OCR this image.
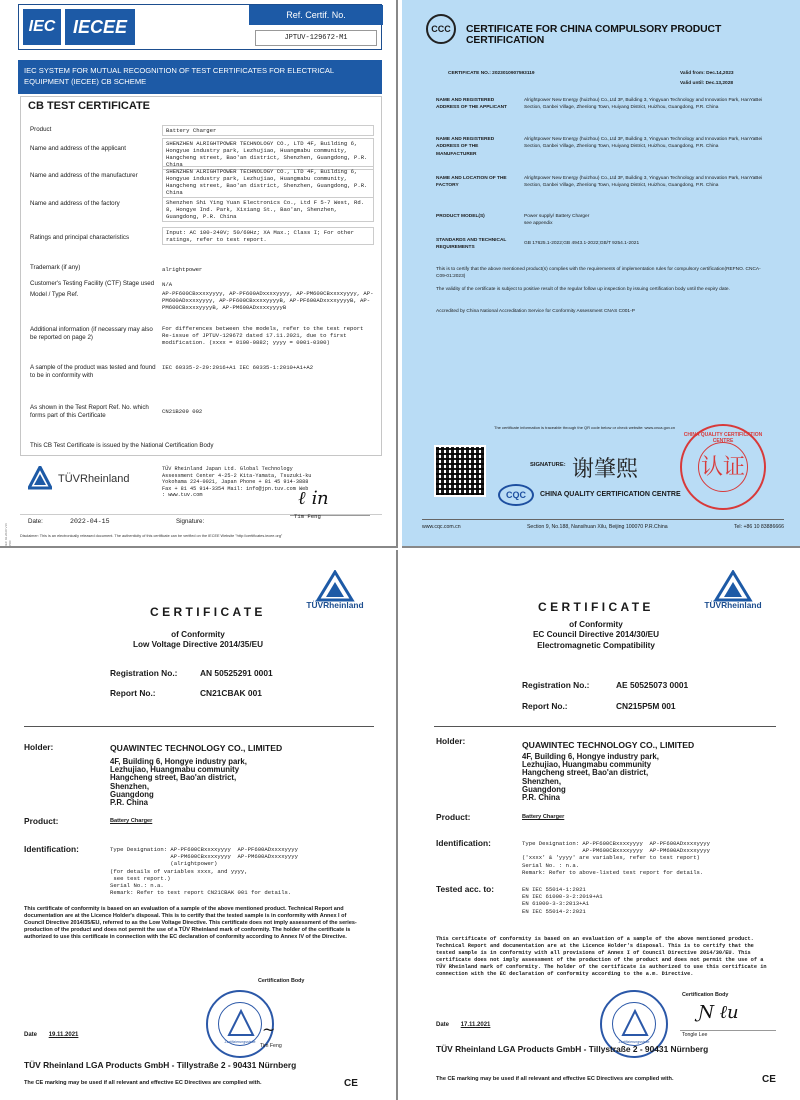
IEC IECEE
Ref. Certif. No.
JPTUV-129672-M1
IEC SYSTEM FOR MUTUAL RECOGNITION OF TEST CERTIFICATES FOR ELECTRICAL EQUIPMENT (IECEE) CB SCHEME
CB TEST CERTIFICATE
Product	Battery Charger
Name and address of the applicant
SHENZHEN ALRIGHTPOWER TECHNOLOGY CO., LTD 4F, Building 6, Hongyue industry park, Lezhujiao, Huangmabu community, Hangcheng street, Bao'an district, Shenzhen, Guangdong, P.R. China
Name and address of the manufacturer
SHENZHEN ALRIGHTPOWER TECHNOLOGY CO., LTD 4F, Building 6, Hongyue industry park, Lezhujiao, Huangmabu community, Hangcheng street, Bao'an district, Shenzhen, Guangdong, P.R. China
Name and address of the factory	Shenzhen Shi Ying Yuan Electronics Co., Ltd F 5-7 West, Rd. 8, Hongye Ind. Park, Xixiang St., Bao'an, Shenzhen, Guangdong, P.R. China
Ratings and principal characteristics
Input: AC 100-240V; 50/60Hz; XA Max.; Class I; For other ratings, refer to test report.
Trademark (if any)	alrightpower
Customer's Testing Facility (CTF) Stage used	N/A
Model / Type Ref.	AP-PF600CBxxxxyyyy, AP-PF600ADxxxxyyyy, AP-PM600CBxxxxyyyy, AP-PM600ADxxxxyyyy, AP-PF600CBxxxxyyyyB, AP-PF600ADxxxxyyyyB, AP-PM600CBxxxxyyyyB, AP-PM600ADxxxxyyyyB
Additional information (if necessary may also be reported on page 2)
For differences between the models, refer to the test report Re-issue of JPTUV-129672 dated 17.11.2021, due to first modification. (xxxx = 0100-0882; yyyy = 0001-0300)
A sample of the product was tested and found to be in conformity with
IEC 60335-2-29:2016+A1 IEC 60335-1:2010+A1+A2
As shown in the Test Report Ref. No. which forms part of this Certificate
CN21B209 002
This CB Test Certificate is issued by the National Certification Body
TÜVRheinland
TÜV Rheinland Japan Ltd. Global Technology Assessment Center 4-25-2 Kita-Yamata, Tsuzuki-ku Yokohama 224-0021, Japan Phone + 81 45 914-3888 Fax + 81 45 914-3354 Mail: info@jpn.tuv.com Web : www.tuv.com	ℓ ı̇n
Date:	2022-04-15	Signature:
Tim Feng
Disclaimer: This is an electronically released document. The authenticity of this certificate can be verified on the IECEE Website "http://certificates.iecee.org"
IEC 02.2020 V16 PDF
CCC	CERTIFICATE FOR CHINA COMPULSORY PRODUCT CERTIFICATION
CERTIFICATE NO.: 2023010907593119	Valid from: Dec.14,2023
Valid until: Dec.13,2028
NAME AND REGISTERED ADDRESS OF THE APPLICANT
Alrightpower New Energy (huizhou) Co.,Ltd 3F, Building 3, Yingyuan Technology and Innovation Park, HanYaBei Section, Ganbei Village, Zhenlong Town, Huiyang District, Huizhou, Guangdong, P.R. China
NAME AND REGISTERED ADDRESS OF THE MANUFACTURER
Alrightpower New Energy (huizhou) Co.,Ltd 3F, Building 3, Yingyuan Technology and Innovation Park, HanYaBei Section, Ganbei Village, Zhenlong Town, Huiyang District, Huizhou, Guangdong, P.R. China
NAME AND LOCATION OF THE FACTORY
Alrightpower New Energy (huizhou) Co.,Ltd 3F, Building 3, Yingyuan Technology and Innovation Park, HanYaBei Section, Ganbei Village, Zhenlong Town, Huiyang District, Huizhou, Guangdong, P.R. China
PRODUCT MODEL(S)	Power supply/ Battery Charger see appendix
STANDARDS AND TECHNICAL REQUIREMENTS
GB 17625.1-2022;GB 4943.1-2022;GB/T 9254.1-2021
This is to certify that the above mentioned product(s) complies with the requirements of implementation rules for compulsory certification(REFNO. CNCA-C09-01:2023)
The validity of the certificate is subject to positive result of the regular follow up inspection by issuing certification body until the expiry date.
Accredited by China National Accreditation Service for Conformity Assessment CNAS C001-P
The certificate information is traceable through the QR code below or check website: www.cnca.gov.cn
SIGNATURE: 谢肇熙
CQC	CHINA QUALITY CERTIFICATION CENTRE
CHINA QUALITY CERTIFICATION CENTRE
认证
www.cqc.com.cn	Section 9, No.188, Nansihuan Xilu, Beijing 100070 P.R.China	Tel: +86 10 83886666
CERTIFICATE
of Conformity
Low Voltage Directive 2014/35/EU
TÜVRheinland
Registration No.:	AN 50525291 0001
Report No.:	CN21CBAK 001
Holder:	QUAWINTEC TECHNOLOGY CO., LIMITED
4F, Building 6, Hongye industry park,
Lezhujiao, Huangmabu community
Hangcheng street, Bao'an district,
Shenzhen,
Guangdong
P.R. China
Product:	Battery Charger
Identification:	Type Designation: AP-PF600CBxxxxyyyy  AP-PF600ADxxxxyyyy
AP-PM600CBxxxxyyyy  AP-PM600ADxxxxyyyy
(alrightpower)
(for details of variables xxxx, and yyyy,
see test report.)
Serial No.: n.a.
Remark: Refer to test report CN21CBAK 001 for details.
This certificate of conformity is based on an evaluation of a sample of the above mentioned product. Technical Report and documentation are at the Licence Holder's disposal. This is to certify that the tested sample is in conformity with Annex I of Council Directive 2014/35/EU, referred to as the Low Voltage Directive. This certificate does not imply assessment of the series-production of the product and does not permit the use of a TÜV Rheinland mark of conformity. The holder of the certificate is authorized to use this certificate in connection with the EC declaration of conformity according to Annex IV of the Directive.
Certification Body
Zertifizierungsstelle
~
Tim Feng
Date 19.11.2021
TÜV Rheinland LGA Products GmbH - Tillystraße 2 - 90431 Nürnberg
The CE marking may be used if all relevant and effective EC Directives are complied with.	CE
CERTIFICATE
of Conformity
EC Council Directive 2014/30/EU
Electromagnetic Compatibility
TÜVRheinland
Registration No.:	AE 50525073 0001
Report No.:	CN215P5M 001
Holder:	QUAWINTEC TECHNOLOGY CO., LIMITED
4F, Building 6, Hongye industry park,
Lezhujiao, Huangmabu community
Hangcheng street, Bao'an district,
Shenzhen,
Guangdong
P.R. China
Product:	Battery Charger
Identification:	Type Designation: AP-PF600CBxxxxyyyy  AP-PF600ADxxxxyyyy
AP-PM600CBxxxxyyyy  AP-PM600ADxxxxyyyy
('xxxx' & 'yyyy' are variables, refer to test report)
Serial No. : n.a.
Remark: Refer to above-listed test report for details.
Tested acc. to:	EN IEC 55014-1:2021
EN IEC 61000-3-2:2019+A1
EN 61000-3-3:2013+A1
EN IEC 55014-2:2021
This certificate of conformity is based on an evaluation of a sample of the above mentioned product. Technical Report and documentation are at the Licence Holder's disposal. This is to certify that the tested sample is in conformity with all provisions of Annex I of Council Directive 2014/30/EU. This certificate does not imply assessment of the production of the product and does not permit the use of a TÜV Rheinland mark of conformity. The holder of the certificate is authorized to use this certificate in connection with the EC declaration of conformity according to the a.m. Directive.
Certification Body
Zertifizierungsstelle
Ɲ ℓu
Tongle Lee
Date 17.11.2021
TÜV Rheinland LGA Products GmbH - Tillystraße 2 - 90431 Nürnberg
The CE marking may be used if all relevant and effective EC Directives are complied with.	CE
